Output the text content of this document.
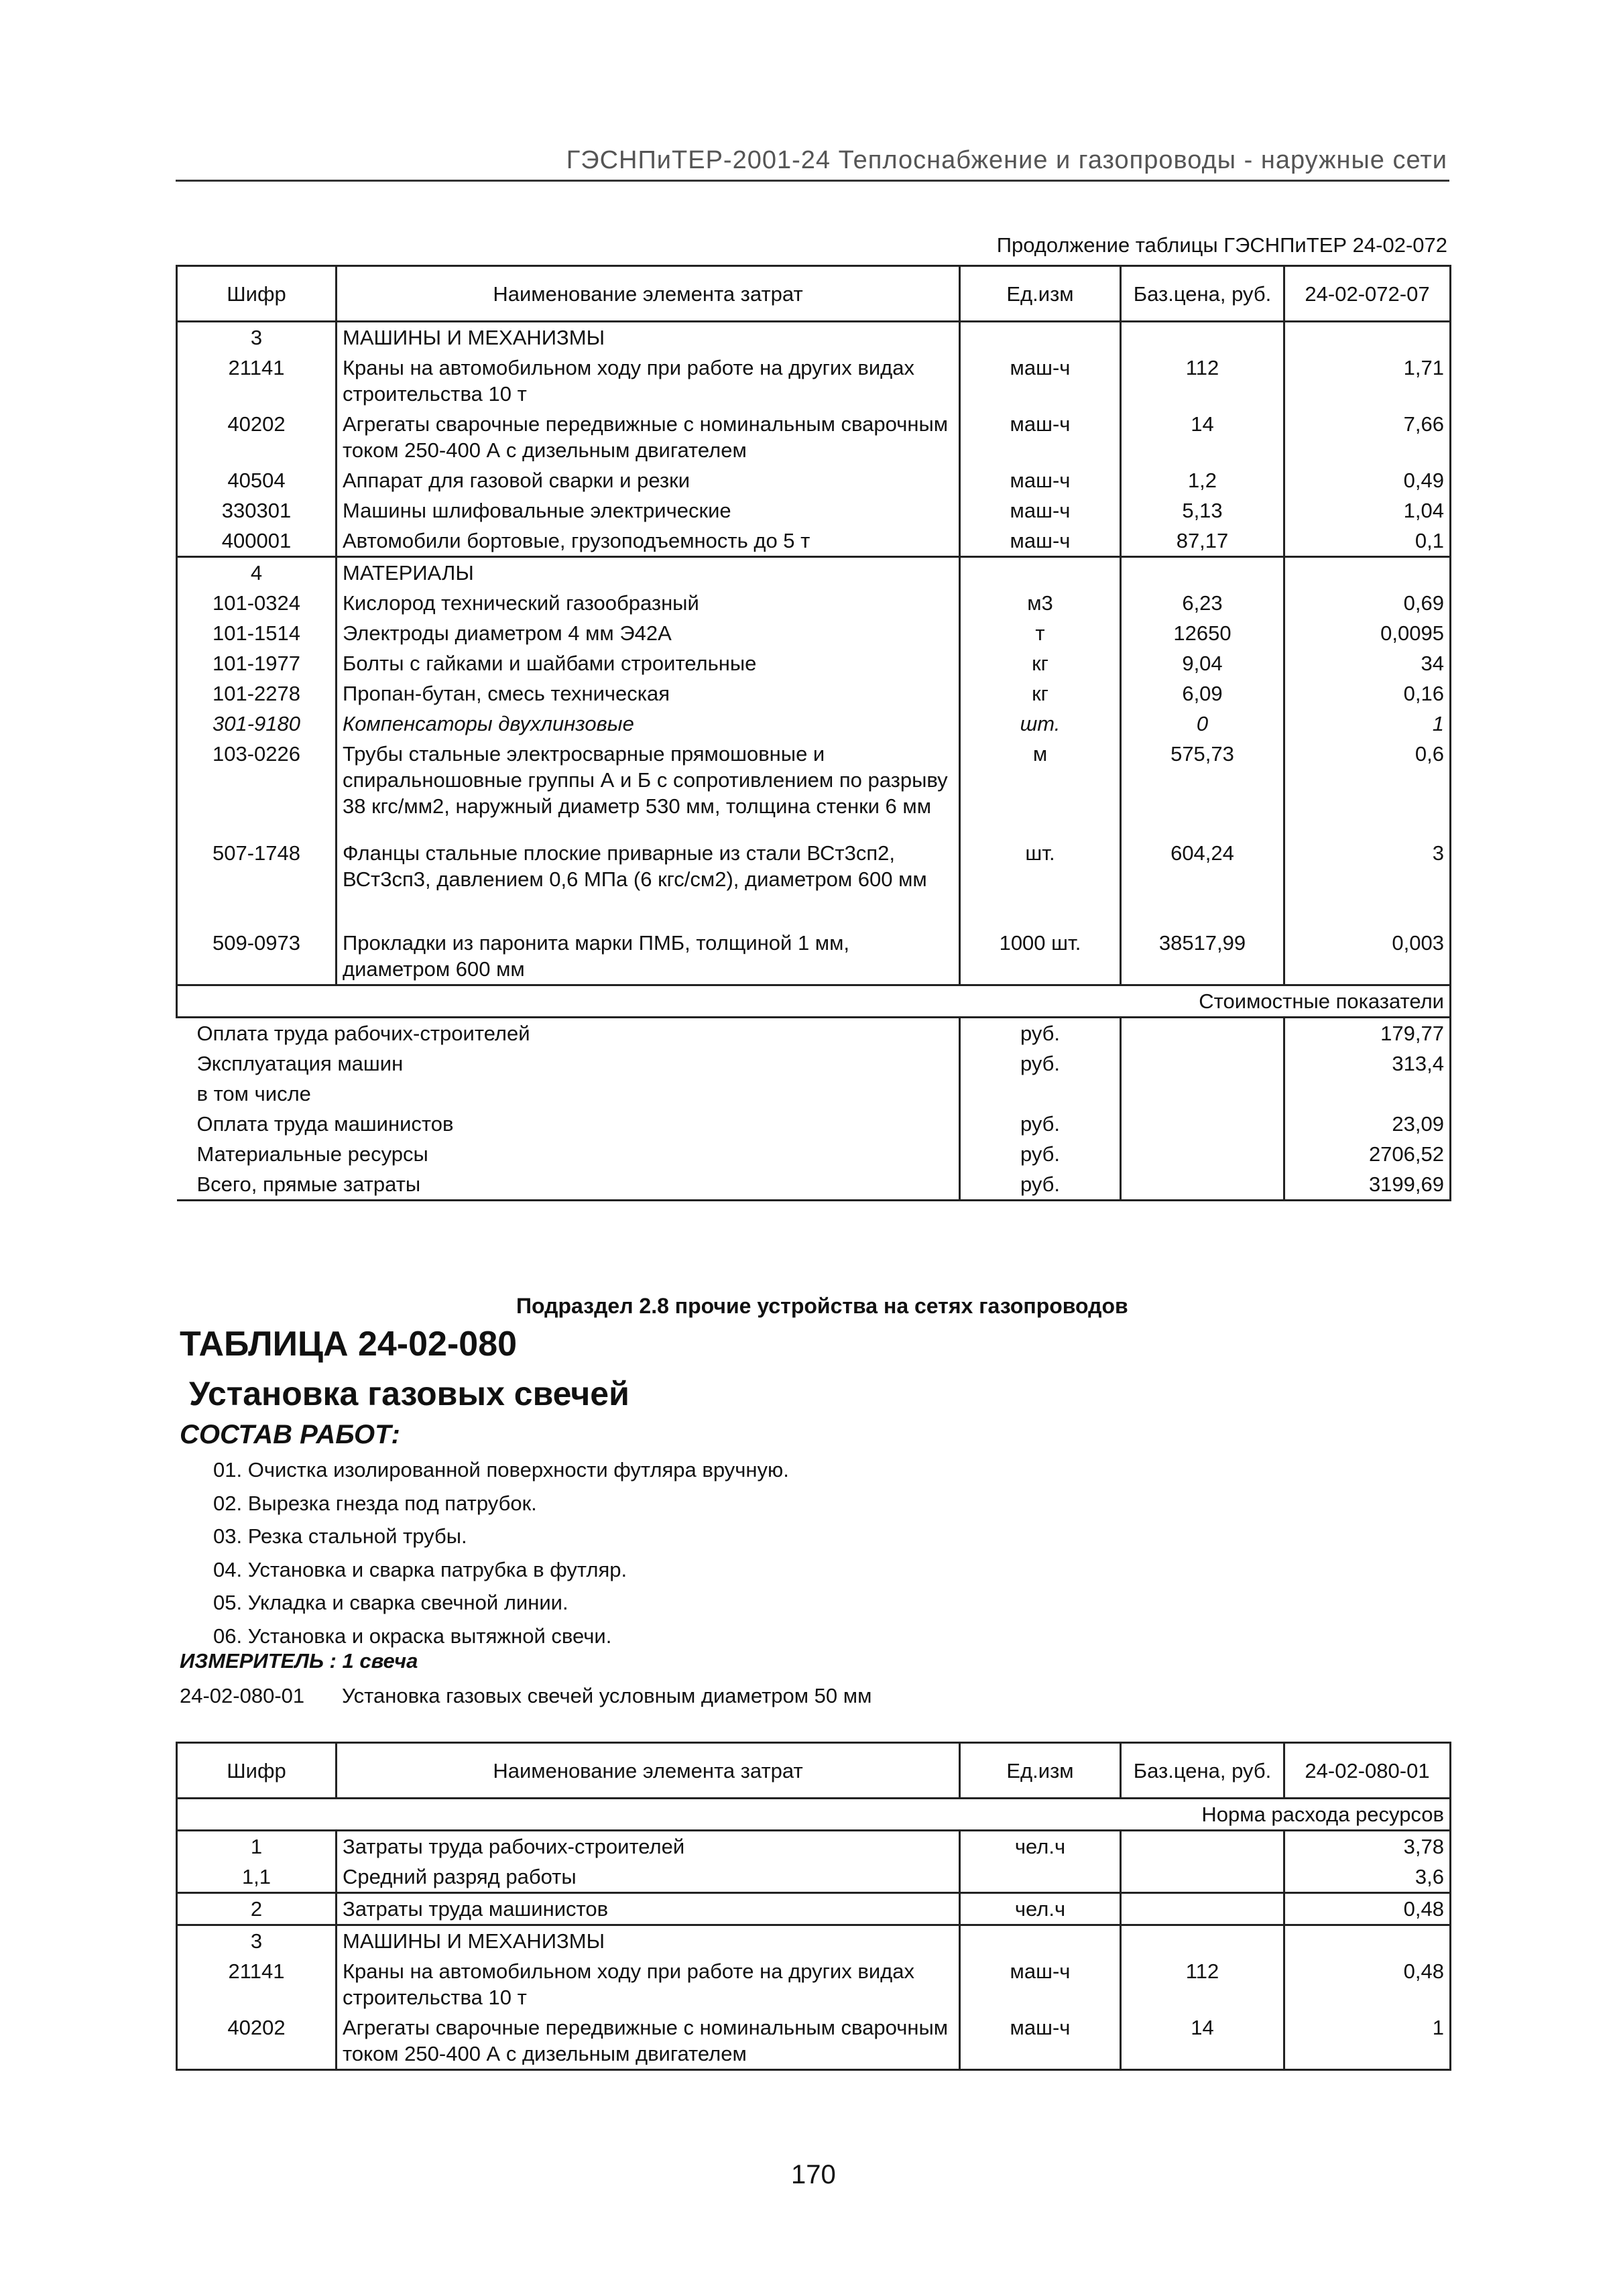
ГЭСНПиТЕР-2001-24 Теплоснабжение и газопроводы - наружные сети
Продолжение таблицы ГЭСНПиТЕР 24-02-072
Шифр	Наименование элемента затрат	Ед.изм	Баз.цена, руб.	24-02-072-07
3	МАШИНЫ И МЕХАНИЗМЫ			
21141	Краны на автомобильном ходу при работе на других видах строительства 10 т	маш-ч	112	1,71
40202	Агрегаты сварочные передвижные с номинальным сварочным током 250-400 А с дизельным двигателем	маш-ч	14	7,66
40504	Аппарат для газовой сварки и резки	маш-ч	1,2	0,49
330301	Машины шлифовальные электрические	маш-ч	5,13	1,04
400001	Автомобили бортовые, грузоподъемность до 5 т	маш-ч	87,17	0,1
4	МАТЕРИАЛЫ			
101-0324	Кислород технический газообразный	м3	6,23	0,69
101-1514	Электроды диаметром 4 мм Э42А	т	12650	0,0095
101-1977	Болты с гайками и шайбами строительные	кг	9,04	34
101-2278	Пропан-бутан, смесь техническая	кг	6,09	0,16
301-9180	Компенсаторы двухлинзовые	шт.	0	1
103-0226	Трубы стальные электросварные прямошовные и спиральношовные группы А и Б с сопротивлением по разрыву 38 кгс/мм2, наружный диаметр 530 мм, толщина стенки 6 мм	м	575,73	0,6
507-1748	Фланцы стальные плоские приварные из стали ВСт3сп2, ВСт3сп3, давлением 0,6 МПа (6 кгс/см2), диаметром 600 мм	шт.	604,24	3
509-0973	Прокладки из паронита марки ПМБ, толщиной 1 мм, диаметром 600 мм	1000 шт.	38517,99	0,003
Стоимостные показатели				
Оплата труда рабочих-строителей		руб.		179,77
Эксплуатация машин		руб.		313,4
в том числе				
Оплата труда машинистов		руб.		23,09
Материальные ресурсы		руб.		2706,52
Всего, прямые затраты		руб.		3199,69
Подраздел 2.8 прочие устройства на сетях газопроводов
ТАБЛИЦА 24-02-080
Установка газовых свечей
СОСТАВ РАБОТ:
01. Очистка изолированной поверхности футляра вручную.
02. Вырезка гнезда под патрубок.
03. Резка стальной трубы.
04. Установка и сварка патрубка в футляр.
05. Укладка и сварка свечной линии.
06. Установка и окраска вытяжной свечи.
ИЗМЕРИТЕЛЬ : 1 свеча
24-02-080-01 Установка газовых свечей условным диаметром 50 мм
Шифр	Наименование элемента затрат	Ед.изм	Баз.цена, руб.	24-02-080-01
Норма расхода ресурсов				
1	Затраты труда рабочих-строителей	чел.ч		3,78
1,1	Средний разряд работы			3,6
2	Затраты труда машинистов	чел.ч		0,48
3	МАШИНЫ И МЕХАНИЗМЫ			
21141	Краны на автомобильном ходу при работе на других видах строительства 10 т	маш-ч	112	0,48
40202	Агрегаты сварочные передвижные с номинальным сварочным током 250-400 А с дизельным двигателем	маш-ч	14	1
170
